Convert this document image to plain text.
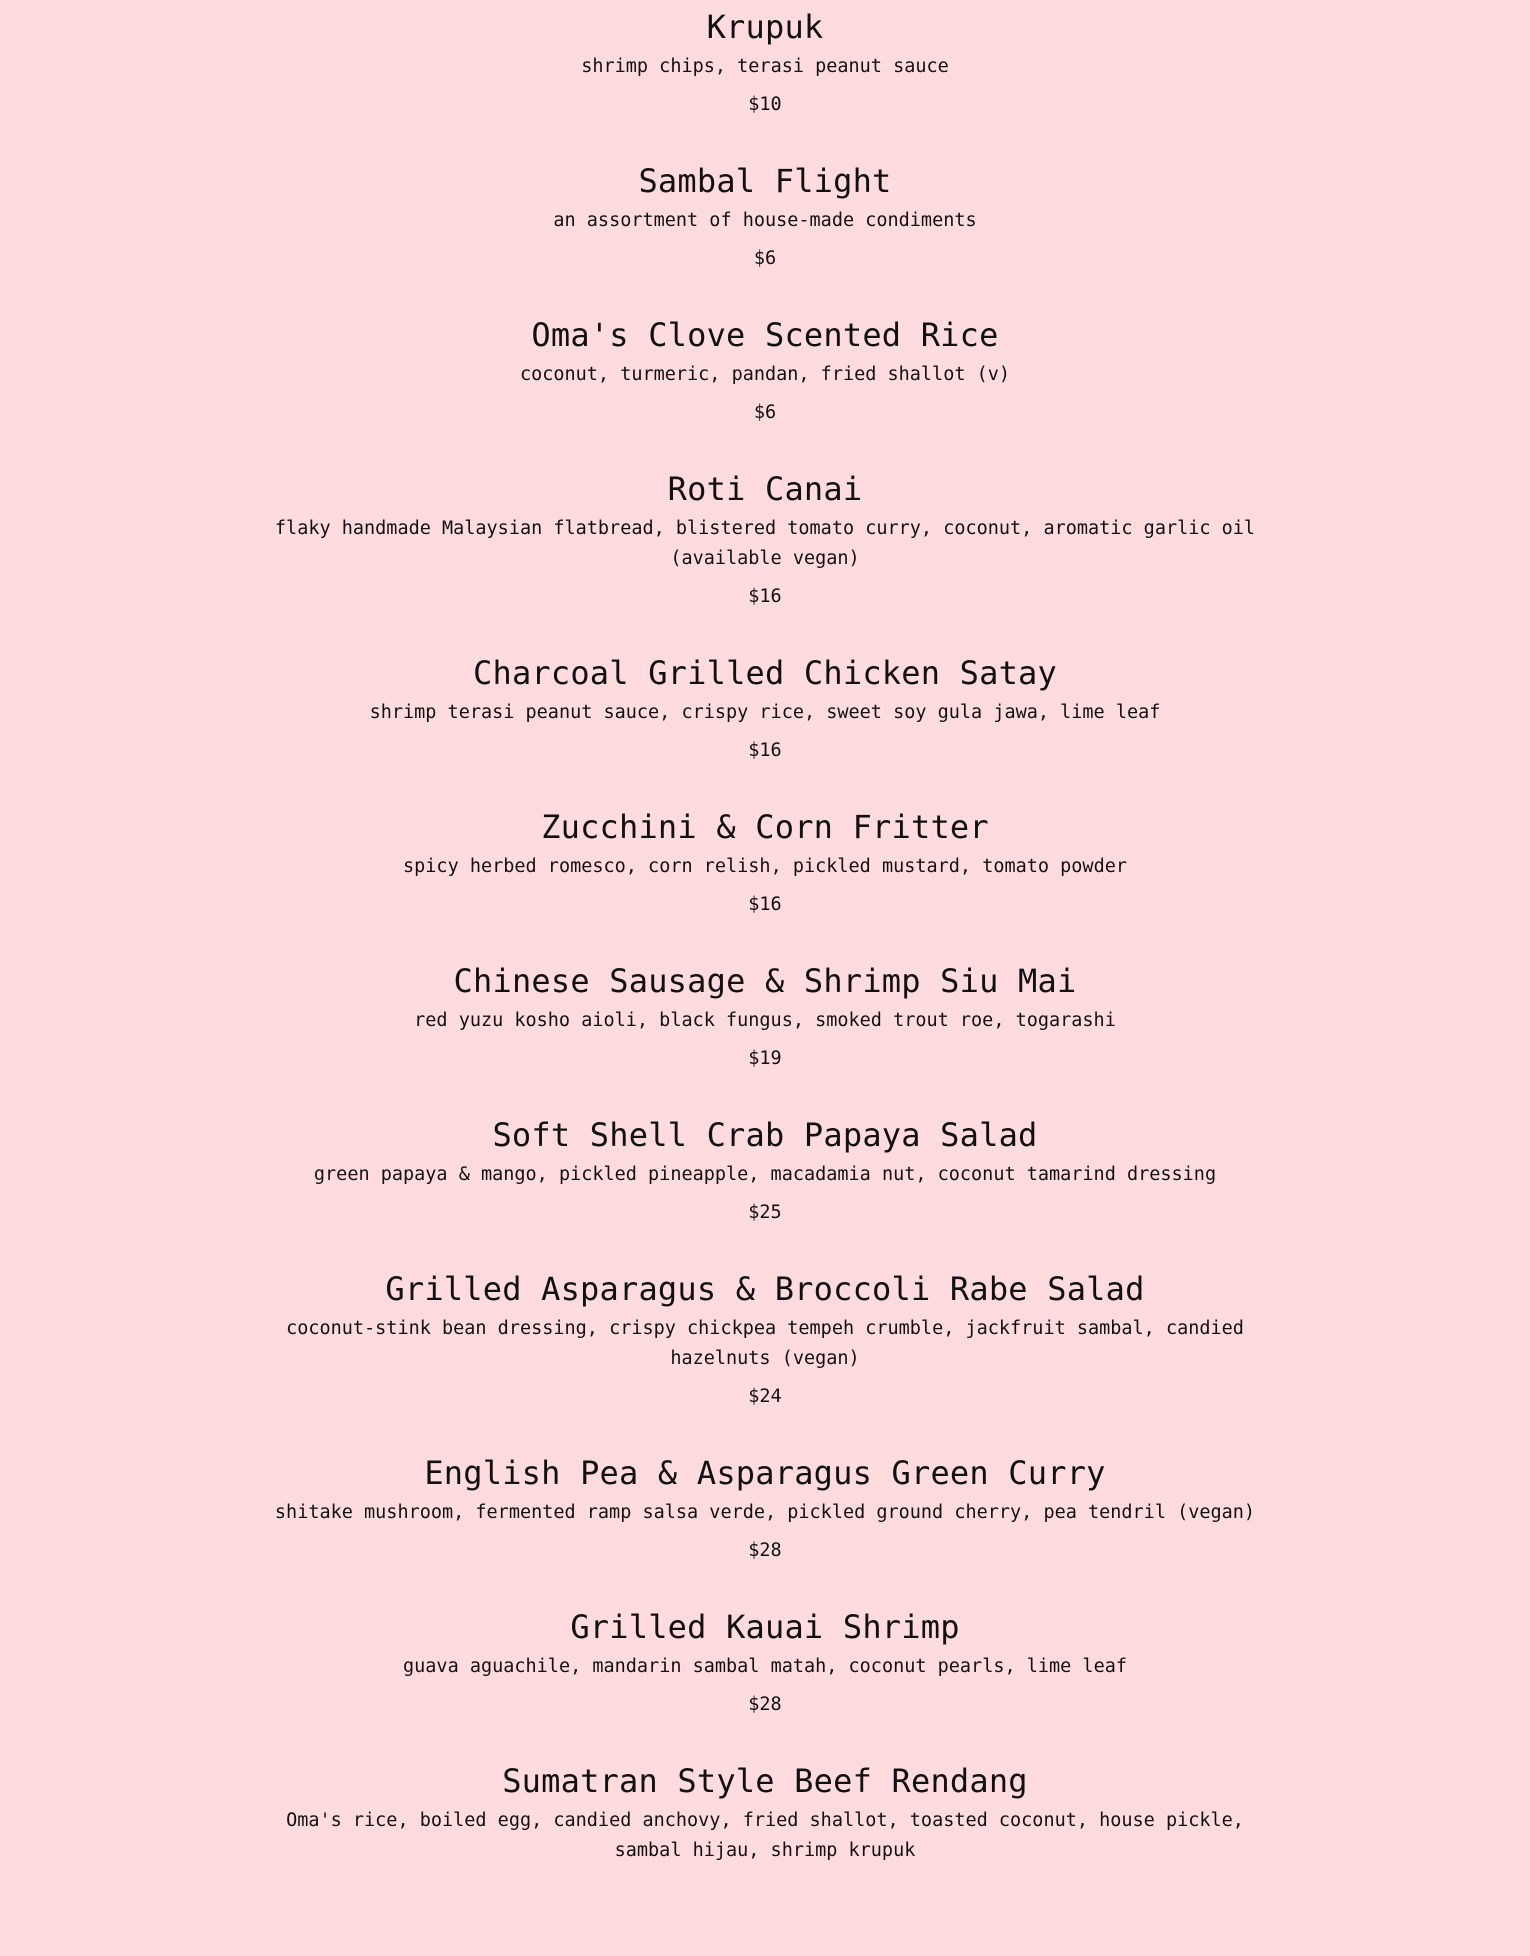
Krupuk

shrimp chips, terasi peanut sauce

$10

Sambal Flight

an assortment of house-made condiments

$6

Oma's Clove Scented Rice

coconut, turmeric, pandan, fried shallot (v)

$6

Roti Canai

flaky handmade Malaysian flatbread, blistered tomato curry, coconut, aromatic garlic oil (available vegan)

$16

Charcoal Grilled Chicken Satay

shrimp terasi peanut sauce, crispy rice, sweet soy gula jawa, lime leaf

$16

Zucchini & Corn Fritter

spicy herbed romesco, corn relish, pickled mustard, tomato powder

$16

Chinese Sausage & Shrimp Siu Mai

red yuzu kosho aioli, black fungus, smoked trout roe, togarashi

$19

Soft Shell Crab Papaya Salad

green papaya & mango, pickled pineapple, macadamia nut, coconut tamarind dressing

$25

Grilled Asparagus & Broccoli Rabe Salad

coconut-stink bean dressing, crispy chickpea tempeh crumble, jackfruit sambal, candied hazelnuts (vegan)

$24

English Pea & Asparagus Green Curry

shitake mushroom, fermented ramp salsa verde, pickled ground cherry, pea tendril (vegan)

$28

Grilled Kauai Shrimp

guava aguachile, mandarin sambal matah, coconut pearls, lime leaf

$28

Sumatran Style Beef Rendang

Oma's rice, boiled egg, candied anchovy, fried shallot, toasted coconut, house pickle, sambal hijau, shrimp krupuk
